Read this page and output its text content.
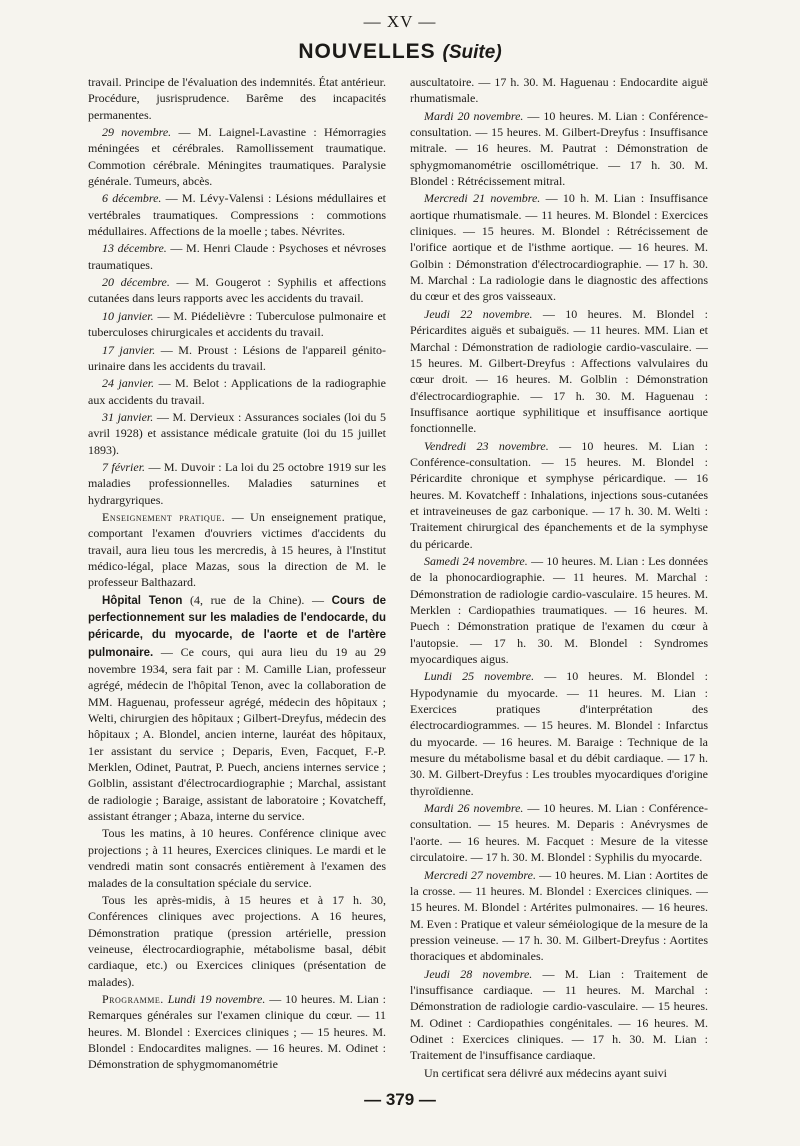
— XV —
NOUVELLES (Suite)

travail. Principe de l'évaluation des indemnités. État antérieur. Procédure, jusrisprudence. Barême des incapacités permanentes.

29 novembre. — M. Laignel-Lavastine : Hémorragies méningées et cérébrales. Ramollissement traumatique. Commotion cérébrale. Méningites traumatiques. Paralysie générale. Tumeurs, abcès.

6 décembre. — M. Lévy-Valensi : Lésions médullaires et vertébrales traumatiques. Compressions : commotions médullaires. Affections de la moelle ; tabes. Névrites.

13 décembre. — M. Henri Claude : Psychoses et névroses traumatiques.

20 décembre. — M. Gougerot : Syphilis et affections cutanées dans leurs rapports avec les accidents du travail.

10 janvier. — M. Piédelièvre : Tuberculose pulmonaire et tuberculoses chirurgicales et accidents du travail.

17 janvier. — M. Proust : Lésions de l'appareil génito-urinaire dans les accidents du travail.

24 janvier. — M. Belot : Applications de la radiographie aux accidents du travail.

31 janvier. — M. Dervieux : Assurances sociales (loi du 5 avril 1928) et assistance médicale gratuite (loi du 15 juillet 1893).

7 février. — M. Duvoir : La loi du 25 octobre 1919 sur les maladies professionnelles. Maladies saturnines et hydrargyriques.

Enseignement pratique. — Un enseignement pratique, comportant l'examen d'ouvriers victimes d'accidents du travail, aura lieu tous les mercredis, à 15 heures, à l'Institut médico-légal, place Mazas, sous la direction de M. le professeur Balthazard.

Hôpital Tenon (4, rue de la Chine). — Cours de perfectionnement sur les maladies de l'endocarde, du péricarde, du myocarde, de l'aorte et de l'artère pulmonaire. — Ce cours, qui aura lieu du 19 au 29 novembre 1934, sera fait par : M. Camille Lian, professeur agrégé, médecin de l'hôpital Tenon, avec la collaboration de MM. Haguenau, professeur agrégé, médecin des hôpitaux ; Welti, chirurgien des hôpitaux ; Gilbert-Dreyfus, médecin des hôpitaux ; A. Blondel, ancien interne, lauréat des hôpitaux, 1er assistant du service ; Deparis, Even, Facquet, F.-P. Merklen, Odinet, Pautrat, P. Puech, anciens internes service ; Golblin, assistant d'électrocardiographie ; Marchal, assistant de radiologie ; Baraige, assistant de laboratoire ; Kovatcheff, assistant étranger ; Abaza, interne du service.

Tous les matins, à 10 heures. Conférence clinique avec projections ; à 11 heures, Exercices cliniques. Le mardi et le vendredi matin sont consacrés entièrement à l'examen des malades de la consultation spéciale du service.

Tous les après-midis, à 15 heures et à 17 h. 30, Conférences cliniques avec projections. A 16 heures, Démonstration pratique (pression artérielle, pression veineuse, électrocardiographie, métabolisme basal, débit cardiaque, etc.) ou Exercices cliniques (présentation de malades).

Programme. Lundi 19 novembre. — 10 heures. M. Lian : Remarques générales sur l'examen clinique du cœur. — 11 heures. M. Blondel : Exercices cliniques ; — 15 heures. M. Blondel : Endocardites malignes. — 16 heures. M. Odinet : Démonstration de sphygmomanométrie

auscultatoire. — 17 h. 30. M. Haguenau : Endocardite aiguë rhumatismale.

Mardi 20 novembre. — 10 heures. M. Lian : Conférence-consultation. — 15 heures. M. Gilbert-Dreyfus : Insuffisance mitrale. — 16 heures. M. Pautrat : Démonstration de sphygmomanométrie oscillométrique. — 17 h. 30. M. Blondel : Rétrécissement mitral.

Mercredi 21 novembre. — 10 h. M. Lian : Insuffisance aortique rhumatismale. — 11 heures. M. Blondel : Exercices cliniques. — 15 heures. M. Blondel : Rétrécissement de l'orifice aortique et de l'isthme aortique. — 16 heures. M. Golbin : Démonstration d'électrocardiographie. — 17 h. 30. M. Marchal : La radiologie dans le diagnostic des affections du cœur et des gros vaisseaux.

Jeudi 22 novembre. — 10 heures. M. Blondel : Péricardites aiguës et subaiguës. — 11 heures. MM. Lian et Marchal : Démonstration de radiologie cardio-vasculaire. — 15 heures. M. Gilbert-Dreyfus : Affections valvulaires du cœur droit. — 16 heures. M. Golblin : Démonstration d'électrocardiographie. — 17 h. 30. M. Haguenau : Insuffisance aortique syphilitique et insuffisance aortique fonctionnelle.

Vendredi 23 novembre. — 10 heures. M. Lian : Conférence-consultation. — 15 heures. M. Blondel : Péricardite chronique et symphyse péricardique. — 16 heures. M. Kovatcheff : Inhalations, injections sous-cutanées et intraveineuses de gaz carbonique. — 17 h. 30. M. Welti : Traitement chirurgical des épanchements et de la symphyse du péricarde.

Samedi 24 novembre. — 10 heures. M. Lian : Les données de la phonocardiographie. — 11 heures. M. Marchal : Démonstration de radiologie cardio-vasculaire. 15 heures. M. Merklen : Cardiopathies traumatiques. — 16 heures. M. Puech : Démonstration pratique de l'examen du cœur à l'autopsie. — 17 h. 30. M. Blondel : Syndromes myocardiques aigus.

Lundi 25 novembre. — 10 heures. M. Blondel : Hypodynamie du myocarde. — 11 heures. M. Lian : Exercices pratiques d'interprétation des électrocardiogrammes. — 15 heures. M. Blondel : Infarctus du myocarde. — 16 heures. M. Baraige : Technique de la mesure du métabolisme basal et du débit cardiaque. — 17 h. 30. M. Gilbert-Dreyfus : Les troubles myocardiques d'origine thyroïdienne.

Mardi 26 novembre. — 10 heures. M. Lian : Conférence-consultation. — 15 heures. M. Deparis : Anévrysmes de l'aorte. — 16 heures. M. Facquet : Mesure de la vitesse circulatoire. — 17 h. 30. M. Blondel : Syphilis du myocarde.

Mercredi 27 novembre. — 10 heures. M. Lian : Aortites de la crosse. — 11 heures. M. Blondel : Exercices cliniques. — 15 heures. M. Blondel : Artérites pulmonaires. — 16 heures. M. Even : Pratique et valeur séméiologique de la mesure de la pression veineuse. — 17 h. 30. M. Gilbert-Dreyfus : Aortites thoraciques et abdominales.

Jeudi 28 novembre. — M. Lian : Traitement de l'insuffisance cardiaque. — 11 heures. M. Marchal : Démonstration de radiologie cardio-vasculaire. — 15 heures. M. Odinet : Cardiopathies congénitales. — 16 heures. M. Odinet : Exercices cliniques. — 17 h. 30. M. Lian : Traitement de l'insuffisance cardiaque.

Un certificat sera délivré aux médecins ayant suivi

— 379 —
